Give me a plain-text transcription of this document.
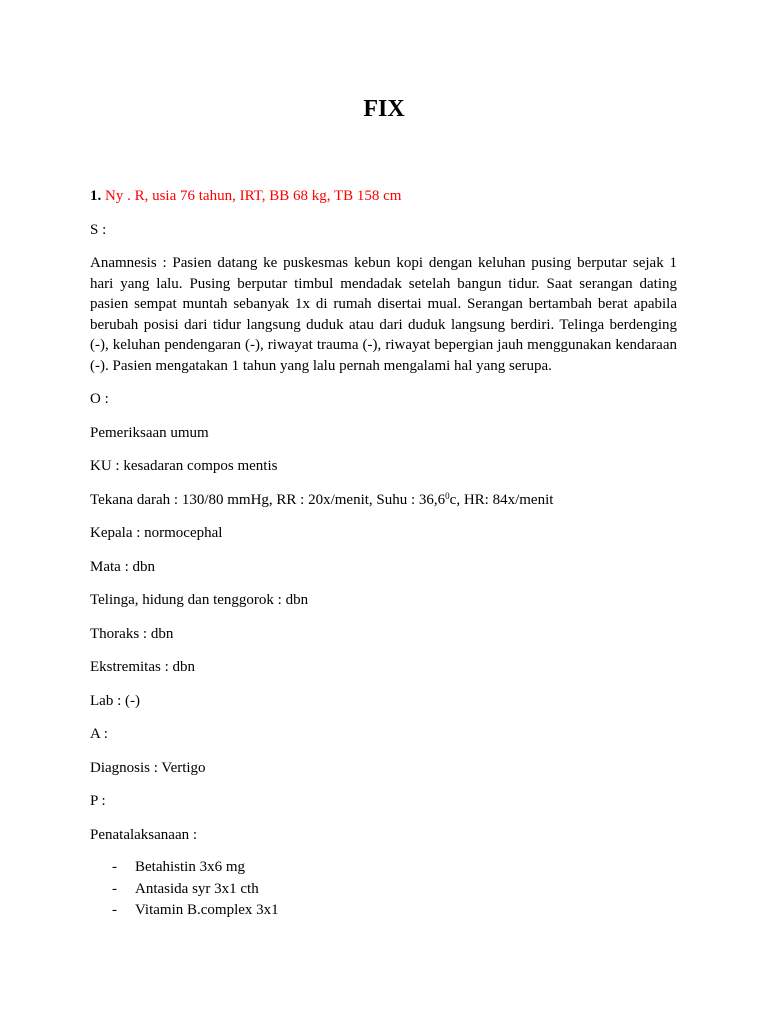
FIX

1. Ny . R, usia 76 tahun, IRT, BB 68 kg, TB 158 cm

S :

Anamnesis : Pasien datang ke puskesmas kebun kopi dengan keluhan pusing berputar sejak 1 hari yang lalu. Pusing berputar timbul mendadak setelah bangun tidur. Saat serangan dating pasien sempat muntah sebanyak 1x di rumah disertai mual. Serangan bertambah berat apabila berubah posisi dari tidur langsung duduk atau dari duduk langsung berdiri. Telinga berdenging (-), keluhan pendengaran (-), riwayat trauma (-), riwayat bepergian jauh menggunakan kendaraan (-). Pasien mengatakan 1 tahun yang lalu pernah mengalami hal yang serupa.

O :

Pemeriksaan umum

KU : kesadaran compos mentis

Tekana darah : 130/80 mmHg, RR : 20x/menit, Suhu : 36,6$^0$c, HR: 84x/menit

Kepala : normocephal

Mata : dbn

Telinga, hidung dan tenggorok : dbn

Thoraks : dbn

Ekstremitas : dbn

Lab : (-)

A :

Diagnosis : Vertigo

P :

Penatalaksanaan :

- Betahistin 3x6 mg
- Antasida syr 3x1 cth
- Vitamin B.complex 3x1
